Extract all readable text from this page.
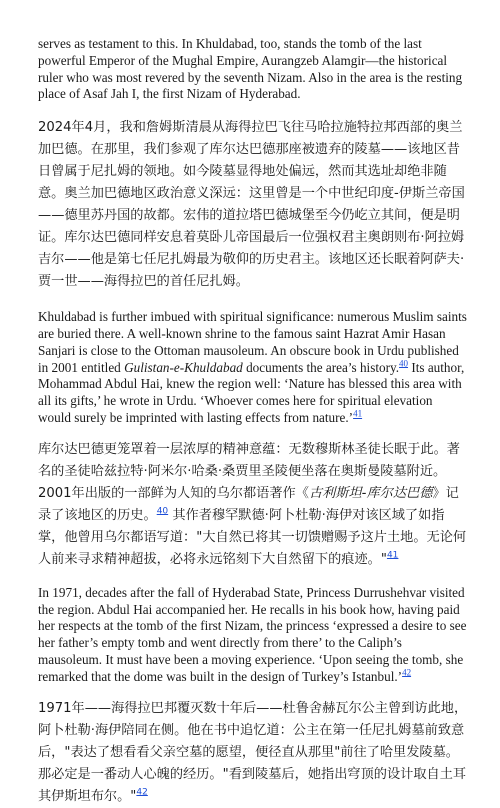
serves as testament to this. In Khuldabad, too, stands the tomb of the last powerful Emperor of the Mughal Empire, Aurangzeb Alamgir—the historical ruler who was most revered by the seventh Nizam. Also in the area is the resting place of Asaf Jah I, the first Nizam of Hyderabad.

2024年4月，我和詹姆斯清晨从海得拉巴飞往马哈拉施特拉邦西部的奥兰加巴德。在那里，我们参观了库尔达巴德那座被遗弃的陵墓——该地区昔日曾属于尼扎姆的领地。如今陵墓显得地处偏远，然而其选址却绝非随意。奥兰加巴德地区政治意义深远：这里曾是一个中世纪印度-伊斯兰帝国——德里苏丹国的故都。宏伟的道拉塔巴德城堡至今仍屹立其间，便是明证。库尔达巴德同样安息着莫卧儿帝国最后一位强权君主奥朗则布·阿拉姆吉尔——他是第七任尼扎姆最为敬仰的历史君主。该地区还长眠着阿萨夫·贾一世——海得拉巴的首任尼扎姆。

Khuldabad is further imbued with spiritual significance: numerous Muslim saints are buried there. A well-known shrine to the famous saint Hazrat Amir Hasan Sanjari is close to the Ottoman mausoleum. An obscure book in Urdu published in 2001 entitled Gulistan-e-Khuldabad documents the area’s history.$^{40}$ Its author, Mohammad Abdul Hai, knew the region well: ‘Nature has blessed this area with all its gifts,’ he wrote in Urdu. ‘Whoever comes here for spiritual elevation would surely be imprinted with lasting effects from nature.’$^{41}$

库尔达巴德更笼罩着一层浓厚的精神意蕴：无数穆斯林圣徒长眠于此。著名的圣徒哈兹拉特·阿米尔·哈桑·桑贾里圣陵便坐落在奥斯曼陵墓附近。2001年出版的一部鲜为人知的乌尔都语著作《古利斯坦-库尔达巴德》记录了该地区的历史。$^{40}$ 其作者穆罕默德·阿卜杜勒·海伊对该区域了如指掌，他曾用乌尔都语写道："大自然已将其一切馈赠赐予这片土地。无论何人前来寻求精神超拔，必将永远铭刻下大自然留下的痕迹。"$^{41}$

In 1971, decades after the fall of Hyderabad State, Princess Durrushehvar visited the region. Abdul Hai accompanied her. He recalls in his book how, having paid her respects at the tomb of the first Nizam, the princess ‘expressed a desire to see her father’s empty tomb and went directly from there’ to the Caliph’s mausoleum. It must have been a moving experience. ‘Upon seeing the tomb, she remarked that the dome was built in the design of Turkey’s Istanbul.’$^{42}$

1971年——海得拉巴邦覆灭数十年后——杜鲁舍赫瓦尔公主曾到访此地，阿卜杜勒·海伊陪同在侧。他在书中追忆道：公主在第一任尼扎姆墓前致意后，"表达了想看看父亲空墓的愿望，便径直从那里"前往了哈里发陵墓。那必定是一番动人心魄的经历。"看到陵墓后，她指出穹顶的设计取自土耳其伊斯坦布尔。"$^{42}$
